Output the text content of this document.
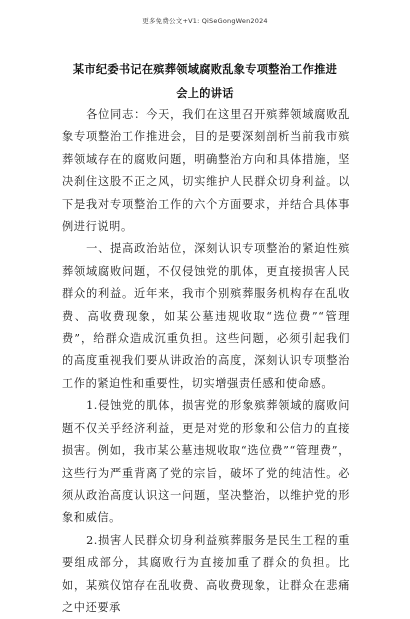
更多免费公文+V1: QiSeGongWen2024
某市纪委书记在殡葬领域腐败乱象专项整治工作推进会上的讲话

各位同志：今天，我们在这里召开殡葬领域腐败乱象专项整治工作推进会，目的是要深刻剖析当前我市殡葬领域存在的腐败问题，明确整治方向和具体措施，坚决刹住这股不正之风，切实维护人民群众切身利益。以下是我对专项整治工作的六个方面要求，并结合具体事例进行说明。

一、提高政治站位，深刻认识专项整治的紧迫性殡葬领域腐败问题，不仅侵蚀党的肌体，更直接损害人民群众的利益。近年来，我市个别殡葬服务机构存在乱收费、高收费现象，如某公墓违规收取“选位费”“管理费”，给群众造成沉重负担。这些问题，必须引起我们的高度重视我们要从讲政治的高度，深刻认识专项整治工作的紧迫性和重要性，切实增强责任感和使命感。

1.侵蚀党的肌体，损害党的形象殡葬领域的腐败问题不仅关乎经济利益，更是对党的形象和公信力的直接损害。例如，我市某公墓违规收取“选位费”“管理费”，这些行为严重背离了党的宗旨，破坏了党的纯洁性。必须从政治高度认识这一问题，坚决整治，以维护党的形象和威信。

2.损害人民群众切身利益殡葬服务是民生工程的重要组成部分，其腐败行为直接加重了群众的负担。比如，某殡仪馆存在乱收费、高收费现象，让群众在悲痛之中还要承
